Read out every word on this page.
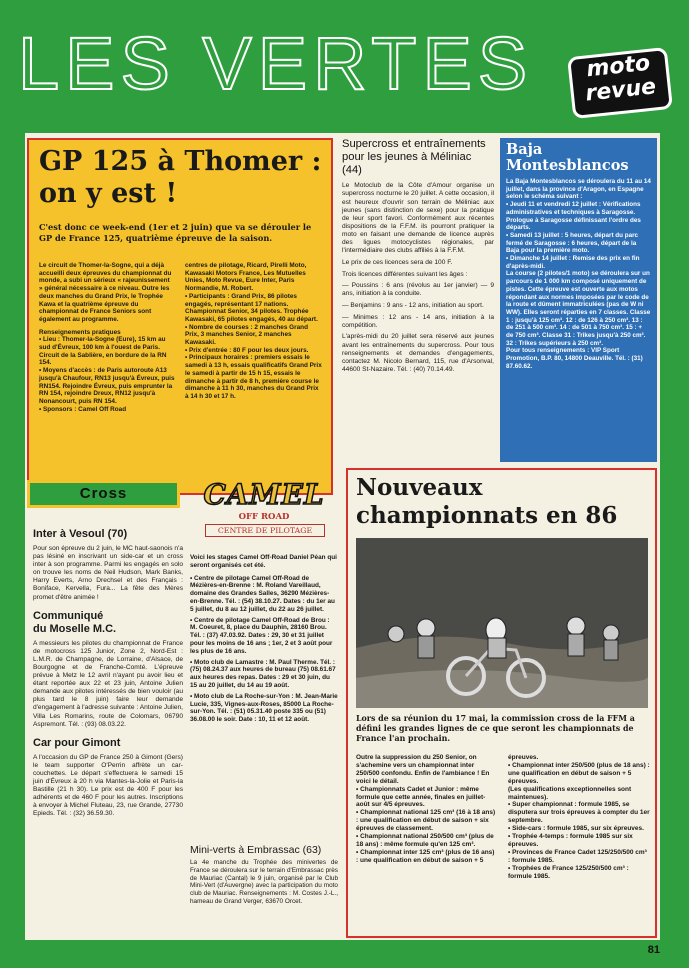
LES VERTES	moto
revue
GP 125 à Thomer :
on y est !
C'est donc ce week-end (1er et 2 juin) que va se dérouler le GP de France 125, quatrième épreuve de la saison.

Le circuit de Thomer-la-Sogne, qui a déjà accueilli deux épreuves du championnat du monde, a subi un sérieux « rajeunissement » général nécessaire à ce niveau. Outre les deux manches du Grand Prix, le Trophée Kawa et la quatrième épreuve du championnat de France Seniors sont également au programme.

Renseignements pratiques

• Lieu : Thomer-la-Sogne (Eure), 15 km au sud d'Évreux, 100 km à l'ouest de Paris. Circuit de la Sablière, en bordure de la RN 154.

• Moyens d'accès : de Paris autoroute A13 jusqu'à Chaufour, RN13 jusqu'à Évreux, puis RN154. Rejoindre Évreux, puis emprunter la RN 154, rejoindre Dreux, RN12 jusqu'à Nonancourt, puis RN 154.

• Sponsors : Camel Off Road

centres de pilotage, Ricard, Pirelli Moto, Kawasaki Motors France, Les Mutuelles Unies, Moto Revue, Eure Inter, Paris Normandie, M. Robert.

• Participants : Grand Prix, 86 pilotes engagés, représentant 17 nations.

Championnat Senior, 34 pilotes. Trophée Kawasaki, 65 pilotes engagés, 40 au départ.

• Nombre de courses : 2 manches Grand Prix, 3 manches Senior, 2 manches Kawasaki.

• Prix d'entrée : 80 F pour les deux jours.

• Principaux horaires : premiers essais le samedi à 13 h, essais qualificatifs Grand Prix le samedi à partir de 15 h 15, essais le dimanche à partir de 8 h, première course le dimanche à 11 h 30, manches du Grand Prix à 14 h 30 et 17 h.

Supercross et entraînements pour les jeunes à Méliniac (44)

Le Motoclub de la Côte d'Amour organise un supercross nocturne le 20 juillet. A cette occasion, il est heureux d'ouvrir son terrain de Méliniac aux jeunes (sans distinction de sexe) pour la pratique de leur sport favori. Conformément aux récentes dispositions de la F.F.M. ils pourront pratiquer la moto en faisant une demande de licence auprès des ligues motocyclistes régionales, par l'intermédiaire des clubs affiliés à la F.F.M.

Le prix de ces licences sera de 100 F.

Trois licences différentes suivant les âges :

— Poussins : 6 ans (révolus au 1er janvier) — 9 ans, initiation à la conduite.

— Benjamins : 9 ans - 12 ans, initiation au sport.

— Minimes : 12 ans - 14 ans, initiation à la compétition.

L'après-midi du 20 juillet sera réservé aux jeunes avant les entraînements du supercross. Pour tous renseignements et demandes d'engagements, contactez M. Nicolo Bernard, 115, rue d'Arsonval, 44600 St-Nazaire. Tél. : (40) 70.14.49.

Baja
Montesblancos

La Baja Montesblancos se déroulera du 11 au 14 juillet, dans la province d'Aragon, en Espagne selon le schéma suivant :

• Jeudi 11 et vendredi 12 juillet : Vérifications administratives et techniques à Saragosse. Prologue à Saragosse définissant l'ordre des départs.

• Samedi 13 juillet : 5 heures, départ du parc fermé de Saragosse : 6 heures, départ de la Baja pour la première moto.

• Dimanche 14 juillet : Remise des prix en fin d'après-midi.

La course (2 pilotes/1 moto) se déroulera sur un parcours de 1 000 km composé uniquement de pistes. Cette épreuve est ouverte aux motos répondant aux normes imposées par le code de la route et dûment immatriculées (pas de W ni WW). Elles seront réparties en 7 classes. Classe 1 : jusqu'à 125 cm³. 12 : de 126 à 250 cm³. 13 : de 251 à 500 cm³. 14 : de 501 à 750 cm³. 15 : + de 750 cm³. Classe 31 : Trikes jusqu'à 250 cm³. 32 : Trikes supérieurs à 250 cm³.

Pour tous renseignements : VIP Sport Promotion, B.P. 80, 14800 Deauville. Tél. : (31) 87.60.62.

Cross
Inter à Vesoul (70)

Pour son épreuve du 2 juin, le MC haut-saonois n'a pas lésiné en inscrivant un side-car et un cross inter à son programme. Parmi les engagés en solo on trouve les noms de Neil Hudson, Mark Banks, Harry Everts, Arno Drechsel et des Français : Boniface, Kervella, Fura... La fête des Mères promet d'être animée !

Communiqué
du Moselle M.C.

A messieurs les pilotes du championnat de France de motocross 125 Junior, Zone 2, Nord-Est : L.M.R. de Champagne, de Lorraine, d'Alsace, de Bourgogne et de Franche-Comté. L'épreuve prévue à Metz le 12 avril n'ayant pu avoir lieu et étant reportée aux 22 et 23 juin, Antoine Julien demande aux pilotes intéressés de bien vouloir (au plus tard le 8 juin) faire leur demande d'engagement à l'adresse suivante : Antoine Julien, Villa Les Romarins, route de Colomars, 06790 Aspremont. Tél. : (93) 08.03.22.

Car pour Gimont

A l'occasion du GP de France 250 à Gimont (Gers) le team supporter O'Perrin affrète un car-couchettes. Le départ s'effectuera le samedi 15 juin d'Évreux à 20 h via Mantes-la-Jolie et Paris-la Bastille (21 h 30). Le prix est de 400 F pour les adhérents et de 460 F pour les autres. Inscriptions à envoyer à Michel Fluteau, 23, rue Grande, 27730 Epieds. Tél. : (32) 36.59.30.

CAMEL
OFF ROAD
CENTRE DE PILOTAGE

Voici les stages Camel Off-Road Daniel Péan qui seront organisés cet été.

• Centre de pilotage Camel Off-Road de Mézières-en-Brenne : M. Roland Vareillaud, domaine des Grandes Salles, 36290 Mézières-en-Brenne. Tél. : (54) 38.10.27. Dates : du 1er au 5 juillet, du 8 au 12 juillet, du 22 au 26 juillet.

• Centre de pilotage Camel Off-Road de Brou : M. Coeuret, 8, place du Dauphin, 28160 Brou. Tél. : (37) 47.03.92. Dates : 29, 30 et 31 juillet pour les moins de 16 ans ; 1er, 2 et 3 août pour les plus de 16 ans.

• Moto club de Lamastre : M. Paul Therme. Tél. : (75) 08.24.37 aux heures de bureau (75) 08.61.67 aux heures des repas. Dates : 29 et 30 juin, du 15 au 20 juillet, du 14 au 19 août.

• Moto club de La Roche-sur-Yon : M. Jean-Marie Lucie, 335, Vignes-aux-Roses, 85000 La Roche-sur-Yon. Tél. : (51) 05.31.40 poste 335 ou (51) 36.08.00 le soir. Date : 10, 11 et 12 août.

Mini-verts à Embrassac (63)

La 4e manche du Trophée des minivertes de France se déroulera sur le terrain d'Embrassac près de Mauriac (Cantal) le 9 juin, organisé par le Club Mini-Vert (d'Auvergne) avec la participation du moto club de Mauriac. Renseignements : M. Costes J.-L., hameau de Grand Verger, 63670 Orcet.

Nouveaux
championnats en 86
Lors de sa réunion du 17 mai, la commission cross de la FFM a défini les grandes lignes de ce que seront les championnats de France l'an prochain.

Outre la suppression du 250 Senior, on s'achemine vers un championnat inter 250/500 confondu. Enfin de l'ambiance ! En voici le détail.

• Championnats Cadet et Junior : même formule que cette année, finales en juillet-août sur 4/5 épreuves.

• Championnat national 125 cm³ (16 à 18 ans) : une qualification en début de saison + six épreuves de classement.

• Championnat national 250/500 cm³ (plus de 18 ans) : même formule qu'en 125 cm³.

• Championnat inter 125 cm³ (plus de 16 ans) : une qualification en début de saison + 5

épreuves.

• Championnat inter 250/500 (plus de 18 ans) : une qualification en début de saison + 5 épreuves.

(Les qualifications exceptionnelles sont maintenues).

• Super championnat : formule 1985, se disputera sur trois épreuves à compter du 1er septembre.

• Side-cars : formule 1985, sur six épreuves.

• Trophée 4-temps : formule 1985 sur six épreuves.

• Provinces de France Cadet 125/250/500 cm³ : formule 1985.

• Trophées de France 125/250/500 cm³ : formule 1985.

81
